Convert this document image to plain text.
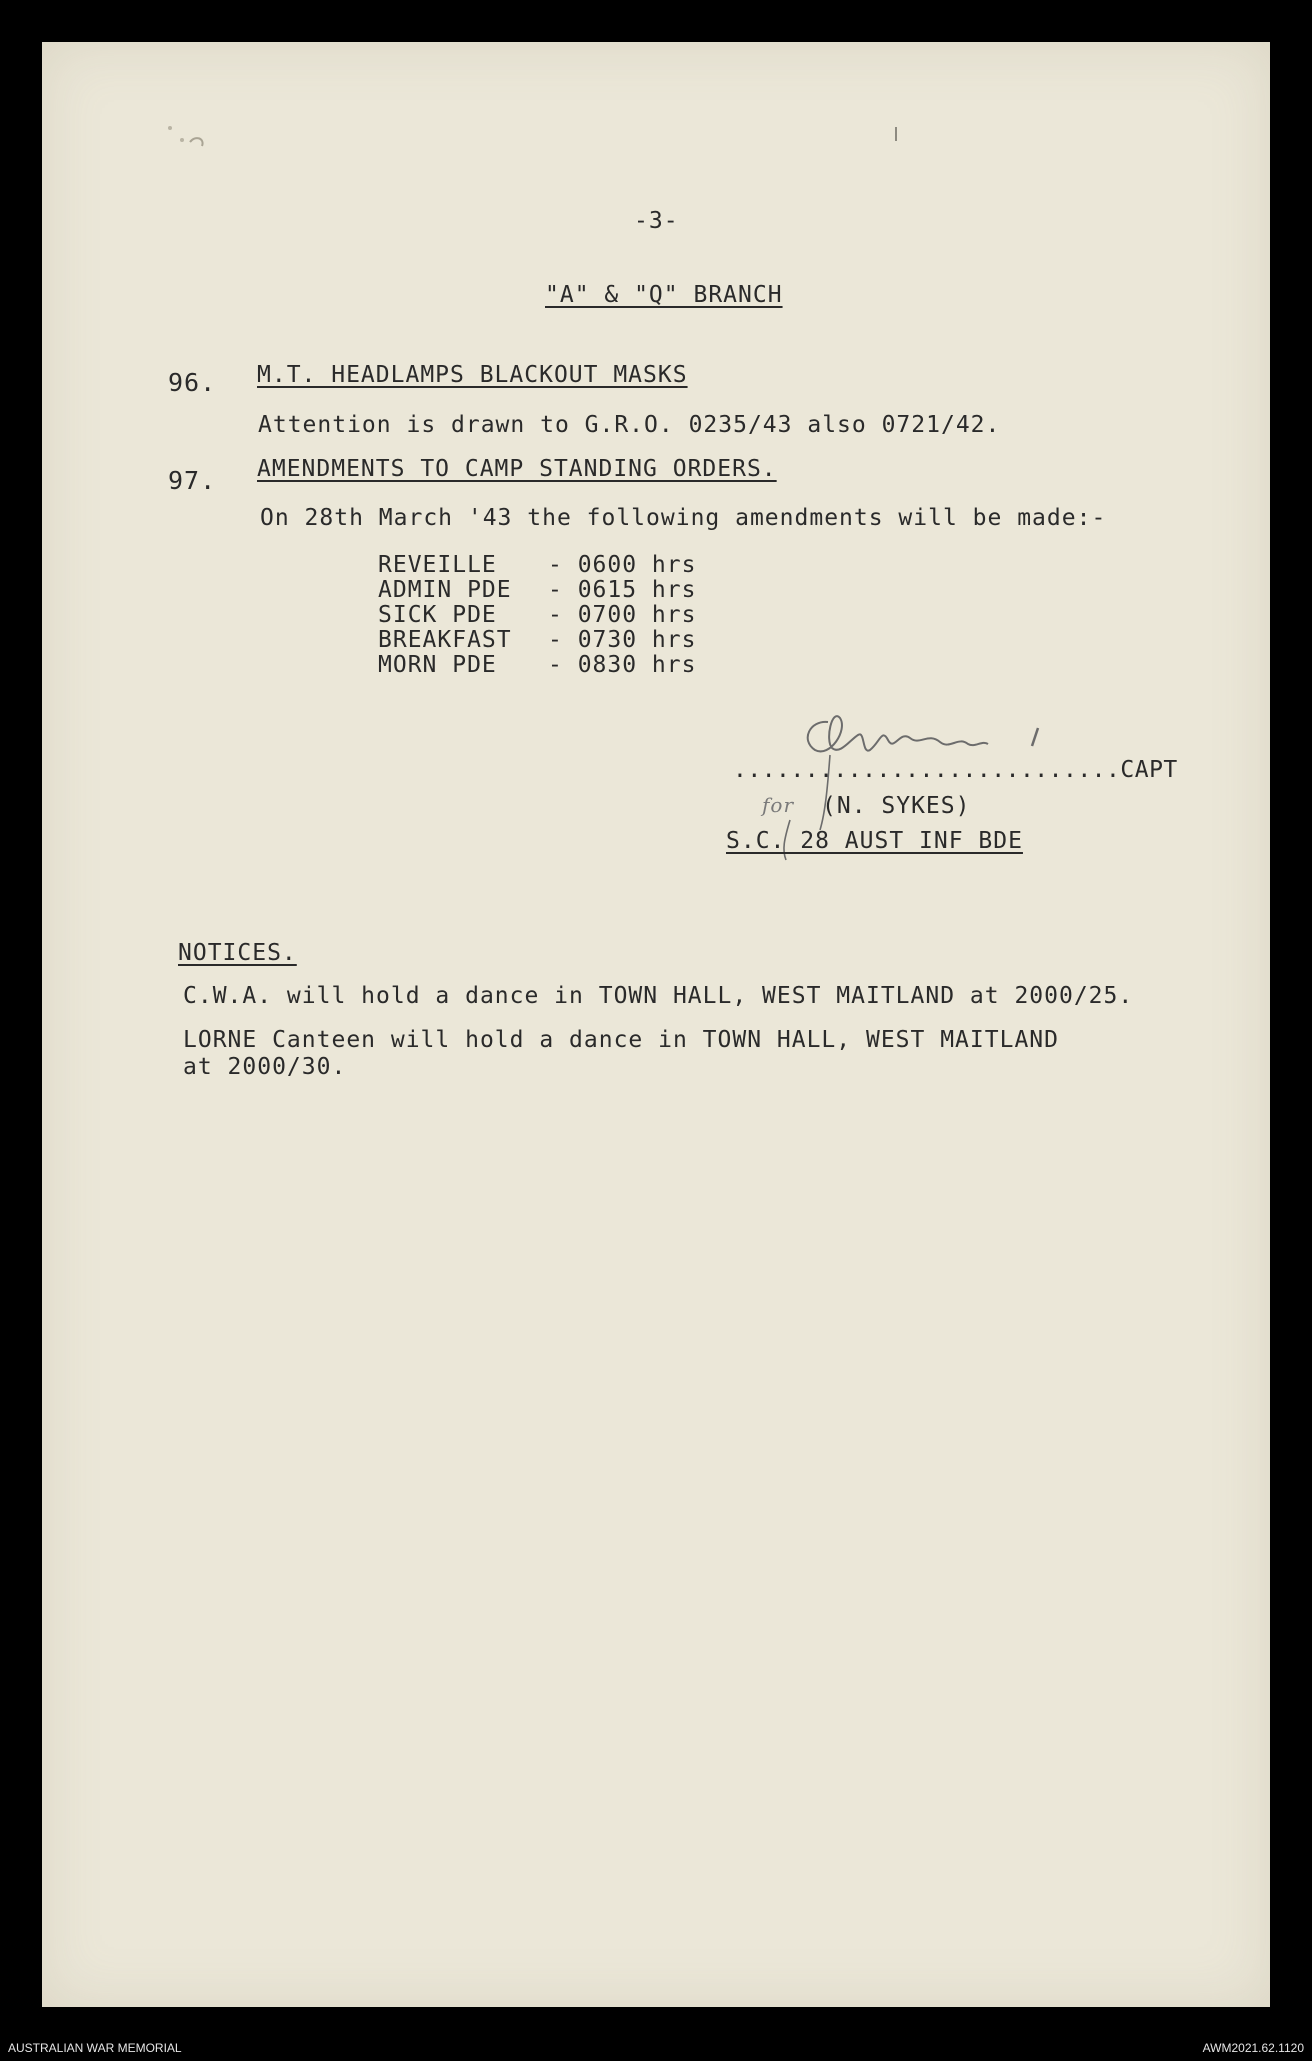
-3-
"A" & "Q" BRANCH
96. M.T. HEADLAMPS BLACKOUT MASKS
Attention is drawn to G.R.O. 0235/43 also 0721/42.
97. AMENDMENTS TO CAMP STANDING ORDERS.
On 28th March '43 the following amendments will be made:-
REVEILLE	- 0600 hrs
ADMIN PDE	- 0615 hrs
SICK PDE	- 0700 hrs
BREAKFAST	- 0730 hrs
MORN PDE	- 0830 hrs
...........................CAPT
for (N. SYKES)
S.C. 28 AUST INF BDE
NOTICES.
C.W.A. will hold a dance in TOWN HALL, WEST MAITLAND at 2000/25.
LORNE Canteen will hold a dance in TOWN HALL, WEST MAITLAND
at 2000/30.
AUSTRALIAN WAR MEMORIAL	AWM2021.62.1120
